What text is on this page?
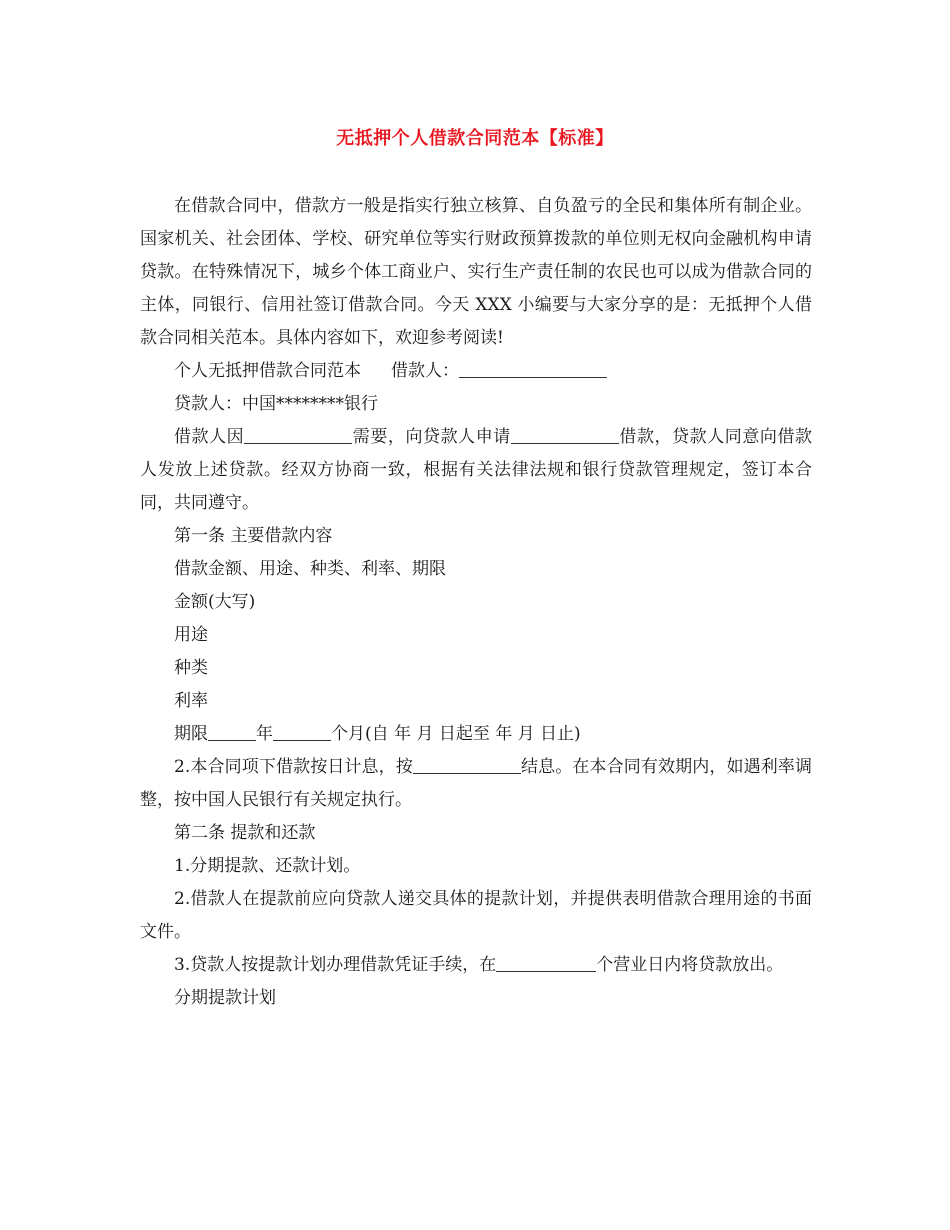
无抵押个人借款合同范本【标准】

在借款合同中，借款方一般是指实行独立核算、自负盈亏的全民和集体所有制企业。国家机关、社会团体、学校、研究单位等实行财政预算拨款的单位则无权向金融机构申请贷款。在特殊情况下，城乡个体工商业户、实行生产责任制的农民也可以成为借款合同的主体，同银行、信用社签订借款合同。今天 XXX 小编要与大家分享的是：无抵押个人借款合同相关范本。具体内容如下，欢迎参考阅读!

个人无抵押借款合同范本 借款人：

贷款人：中国********银行

借款人因	需要，向贷款人申请	借款，贷款人同意向借款人发放上述贷款。经双方协商一致，根据有关法律法规和银行贷款管理规定，签订本合同，共同遵守。

第一条 主要借款内容

借款金额、用途、种类、利率、期限

金额(大写)

用途

种类

利率

期限	年	个月(自 年 月 日起至 年 月 日止)

2.本合同项下借款按日计息，按	结息。在本合同有效期内，如遇利率调整，按中国人民银行有关规定执行。

第二条 提款和还款

1.分期提款、还款计划。

2.借款人在提款前应向贷款人递交具体的提款计划，并提供表明借款合理用途的书面文件。

3.贷款人按提款计划办理借款凭证手续，在	个营业日内将贷款放出。

分期提款计划
